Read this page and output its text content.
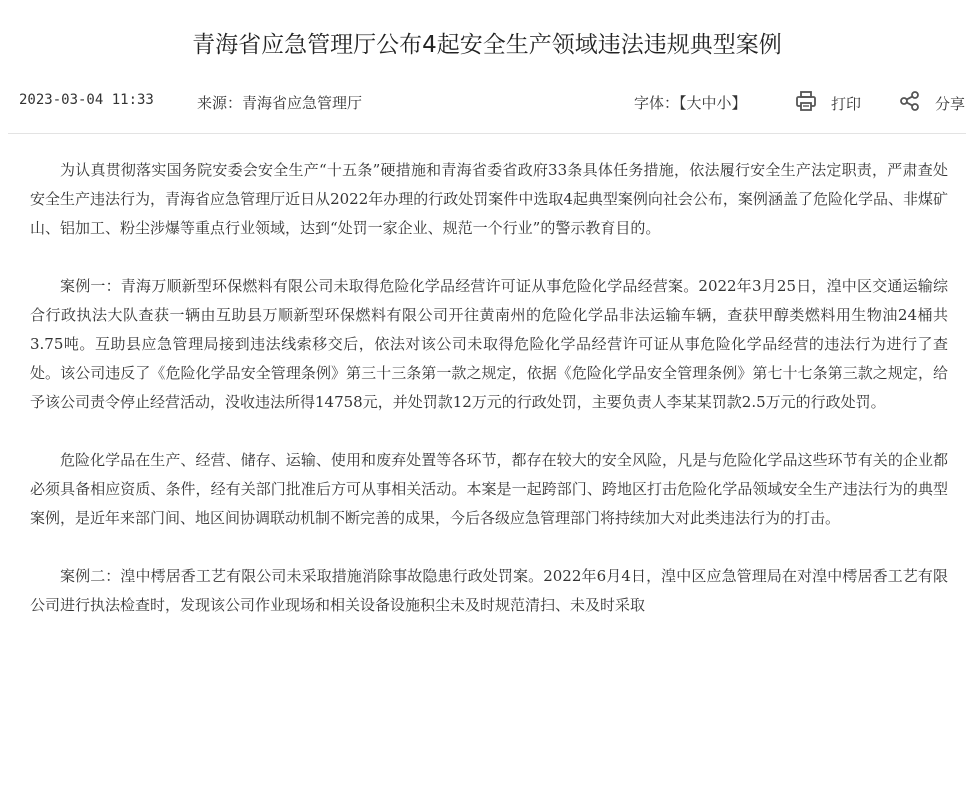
青海省应急管理厅公布4起安全生产领域违法违规典型案例
2023-03-04 11:33	来源：青海省应急管理厅	字体：【大中小】	打印	分享

为认真贯彻落实国务院安委会安全生产“十五条”硬措施和青海省委省政府33条具体任务措施，依法履行安全生产法定职责，严肃查处安全生产违法行为，青海省应急管理厅近日从2022年办理的行政处罚案件中选取4起典型案例向社会公布，案例涵盖了危险化学品、非煤矿山、铝加工、粉尘涉爆等重点行业领域，达到“处罚一家企业、规范一个行业”的警示教育目的。

案例一：青海万顺新型环保燃料有限公司未取得危险化学品经营许可证从事危险化学品经营案。2022年3月25日，湟中区交通运输综合行政执法大队查获一辆由互助县万顺新型环保燃料有限公司开往黄南州的危险化学品非法运输车辆，查获甲醇类燃料用生物油24桶共3.75吨。互助县应急管理局接到违法线索移交后，依法对该公司未取得危险化学品经营许可证从事危险化学品经营的违法行为进行了查处。该公司违反了《危险化学品安全管理条例》第三十三条第一款之规定，依据《危险化学品安全管理条例》第七十七条第三款之规定，给予该公司责令停止经营活动，没收违法所得14758元，并处罚款12万元的行政处罚，主要负责人李某某罚款2.5万元的行政处罚。

危险化学品在生产、经营、储存、运输、使用和废弃处置等各环节，都存在较大的安全风险，凡是与危险化学品这些环节有关的企业都必须具备相应资质、条件，经有关部门批准后方可从事相关活动。本案是一起跨部门、跨地区打击危险化学品领域安全生产违法行为的典型案例，是近年来部门间、地区间协调联动机制不断完善的成果，今后各级应急管理部门将持续加大对此类违法行为的打击。

案例二：湟中樗居香工艺有限公司未采取措施消除事故隐患行政处罚案。2022年6月4日，湟中区应急管理局在对湟中樗居香工艺有限公司进行执法检查时，发现该公司作业现场和相关设备设施积尘未及时规范清扫、未及时采取
